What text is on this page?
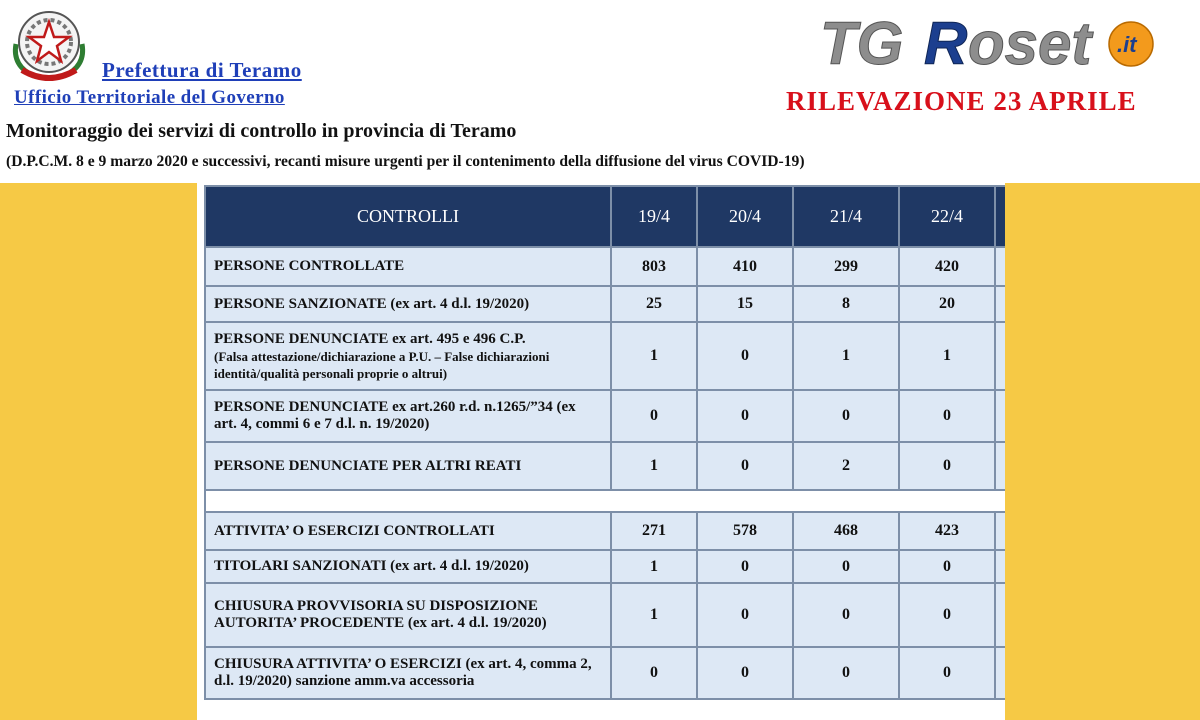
Prefettura di Teramo
Ufficio Territoriale del Governo
TG R oset .it
RILEVAZIONE 23 APRILE
Monitoraggio dei servizi di controllo in provincia di Teramo
(D.P.C.M. 8 e 9 marzo 2020 e successivi, recanti misure urgenti per il contenimento della diffusione del virus COVID-19)
CONTROLLI	19/4	20/4	21/4	22/4	
PERSONE CONTROLLATE	803	410	299	420	
PERSONE SANZIONATE (ex art. 4 d.l. 19/2020)	25	15	8	20	

PERSONE DENUNCIATE ex art. 495 e 496 C.P.
(Falsa attestazione/dichiarazione a P.U. – False dichiarazioni identità/qualità personali proprie o altrui)	1	0	1	1	
PERSONE DENUNCIATE ex art.260 r.d. n.1265/”34 (ex art. 4, commi 6 e 7 d.l. n. 19/2020)	0	0	0	0	
PERSONE DENUNCIATE PER ALTRI REATI	1	0	2	0	

ATTIVITA’ O ESERCIZI CONTROLLATI	271	578	468	423	
TITOLARI SANZIONATI (ex art. 4 d.l. 19/2020)	1	0	0	0	
CHIUSURA PROVVISORIA SU DISPOSIZIONE AUTORITA’ PROCEDENTE (ex art. 4 d.l. 19/2020)	1	0	0	0	
CHIUSURA ATTIVITA’ O ESERCIZI (ex art. 4, comma 2, d.l. 19/2020) sanzione amm.va accessoria	0	0	0	0	
